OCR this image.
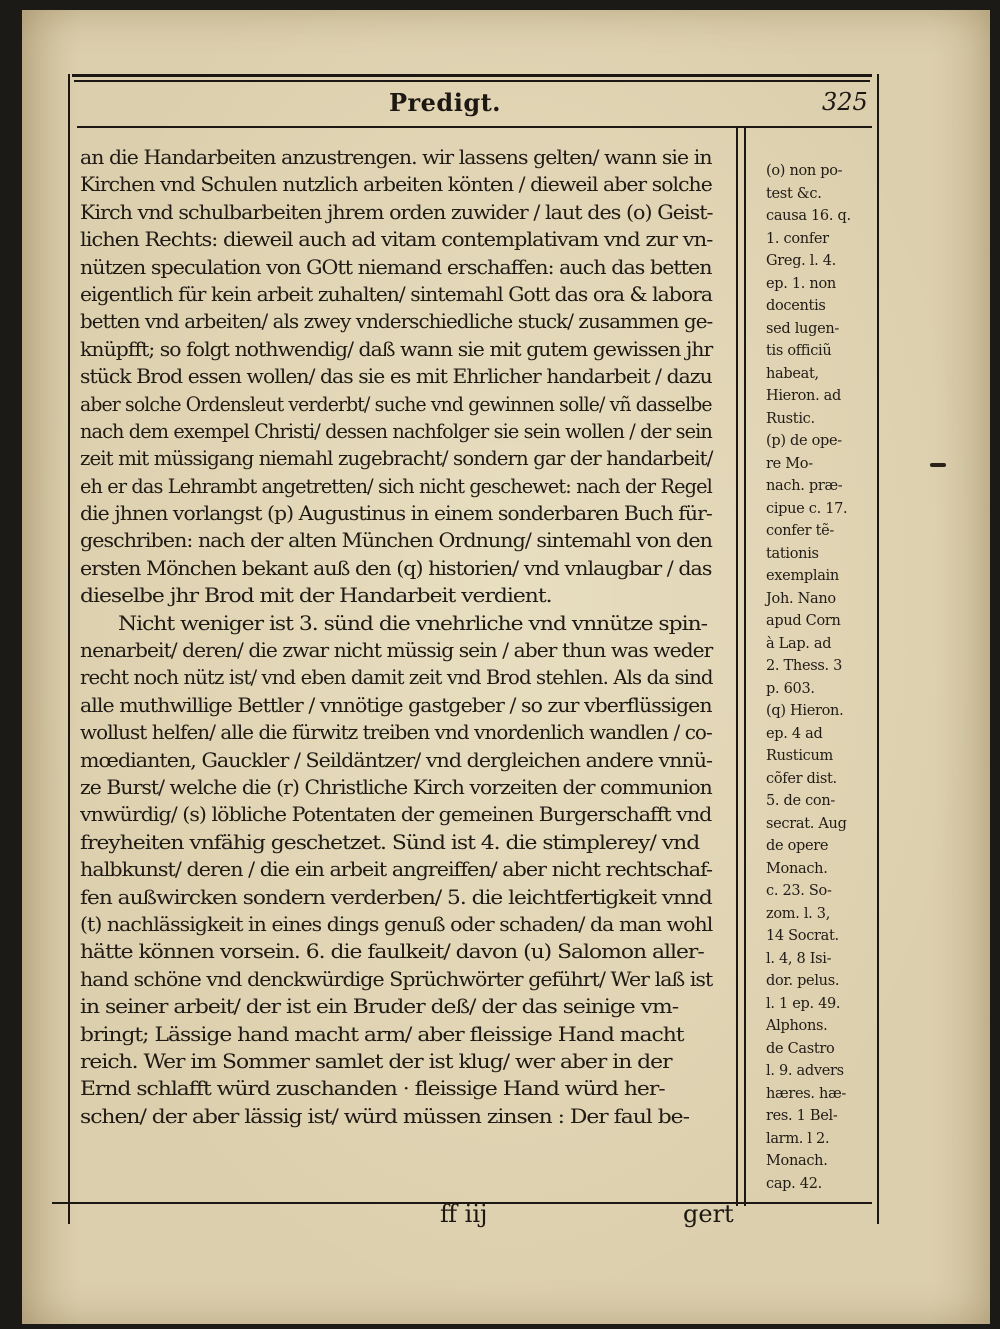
Predigt.	325
an die Handarbeiten anzustrengen. wir lassens gelten/ wann sie in
Kirchen vnd Schulen nutzlich arbeiten könten / dieweil aber solche
Kirch vnd schulbarbeiten jhrem orden zuwider / laut des (o) Geist-
lichen Rechts: dieweil auch ad vitam contemplativam vnd zur vn-
nützen speculation von GOtt niemand erschaffen: auch das betten
eigentlich für kein arbeit zuhalten/ sintemahl Gott das ora & labora
betten vnd arbeiten/ als zwey vnderschiedliche stuck/ zusammen ge-
knüpfft; so folgt nothwendig/ daß wann sie mit gutem gewissen jhr
stück Brod essen wollen/ das sie es mit Ehrlicher handarbeit / dazu
aber solche Ordensleut verderbt/ suche vnd gewinnen solle/ vñ dasselbe
nach dem exempel Christi/ dessen nachfolger sie sein wollen / der sein
zeit mit müssigang niemahl zugebracht/ sondern gar der handarbeit/
eh er das Lehrambt angetretten/ sich nicht geschewet: nach der Regel
die jhnen vorlangst (p) Augustinus in einem sonderbaren Buch für-
geschriben: nach der alten München Ordnung/ sintemahl von den
ersten Mönchen bekant auß den (q) historien/ vnd vnlaugbar / das
dieselbe jhr Brod mit der Handarbeit verdient.
Nicht weniger ist 3. sünd die vnehrliche vnd vnnütze spin-
nenarbeit/ deren/ die zwar nicht müssig sein / aber thun was weder
recht noch nütz ist/ vnd eben damit zeit vnd Brod stehlen. Als da sind
alle muthwillige Bettler / vnnötige gastgeber / so zur vberflüssigen
wollust helfen/ alle die fürwitz treiben vnd vnordenlich wandlen / co-
mœdianten, Gauckler / Seildäntzer/ vnd dergleichen andere vnnü-
ze Burst/ welche die (r) Christliche Kirch vorzeiten der communion
vnwürdig/ (s) löbliche Potentaten der gemeinen Burgerschafft vnd
freyheiten vnfähig geschetzet. Sünd ist 4. die stimplerey/ vnd
halbkunst/ deren / die ein arbeit angreiffen/ aber nicht rechtschaf-
fen außwircken sondern verderben/ 5. die leichtfertigkeit vnnd
(t) nachlässigkeit in eines dings genuß oder schaden/ da man wohl
hätte können vorsein. 6. die faulkeit/ davon (u) Salomon aller-
hand schöne vnd denckwürdige Sprüchwörter geführt/ Wer laß ist
in seiner arbeit/ der ist ein Bruder deß/ der das seinige vm-
bringt; Lässige hand macht arm/ aber fleissige Hand macht
reich. Wer im Sommer samlet der ist klug/ wer aber in der
Ernd schlafft würd zuschanden · fleissige Hand würd her-
schen/ der aber lässig ist/ würd müssen zinsen : Der faul be-
(o) non po-
test &c.
causa 16. q.
1. confer
Greg. l. 4.
ep. 1. non
docentis
sed lugen-
tis officiũ
habeat,
Hieron. ad
Rustic.
(p) de ope-
re Mo-
nach. præ-
cipue c. 17.
confer tẽ-
tationis
exemplain
Joh. Nano
apud Corn
à Lap. ad
2. Thess. 3
p. 603.
(q) Hieron.
ep. 4 ad
Rusticum
cõfer dist.
5. de con-
secrat. Aug
de opere
Monach.
c. 23. So-
zom. l. 3,
14 Socrat.
l. 4, 8 Isi-
dor. pelus.
l. 1 ep. 49.
Alphons.
de Castro
l. 9. advers
hæres. hæ-
res. 1 Bel-
larm. l 2.
Monach.
cap. 42.
ff iij	gert
